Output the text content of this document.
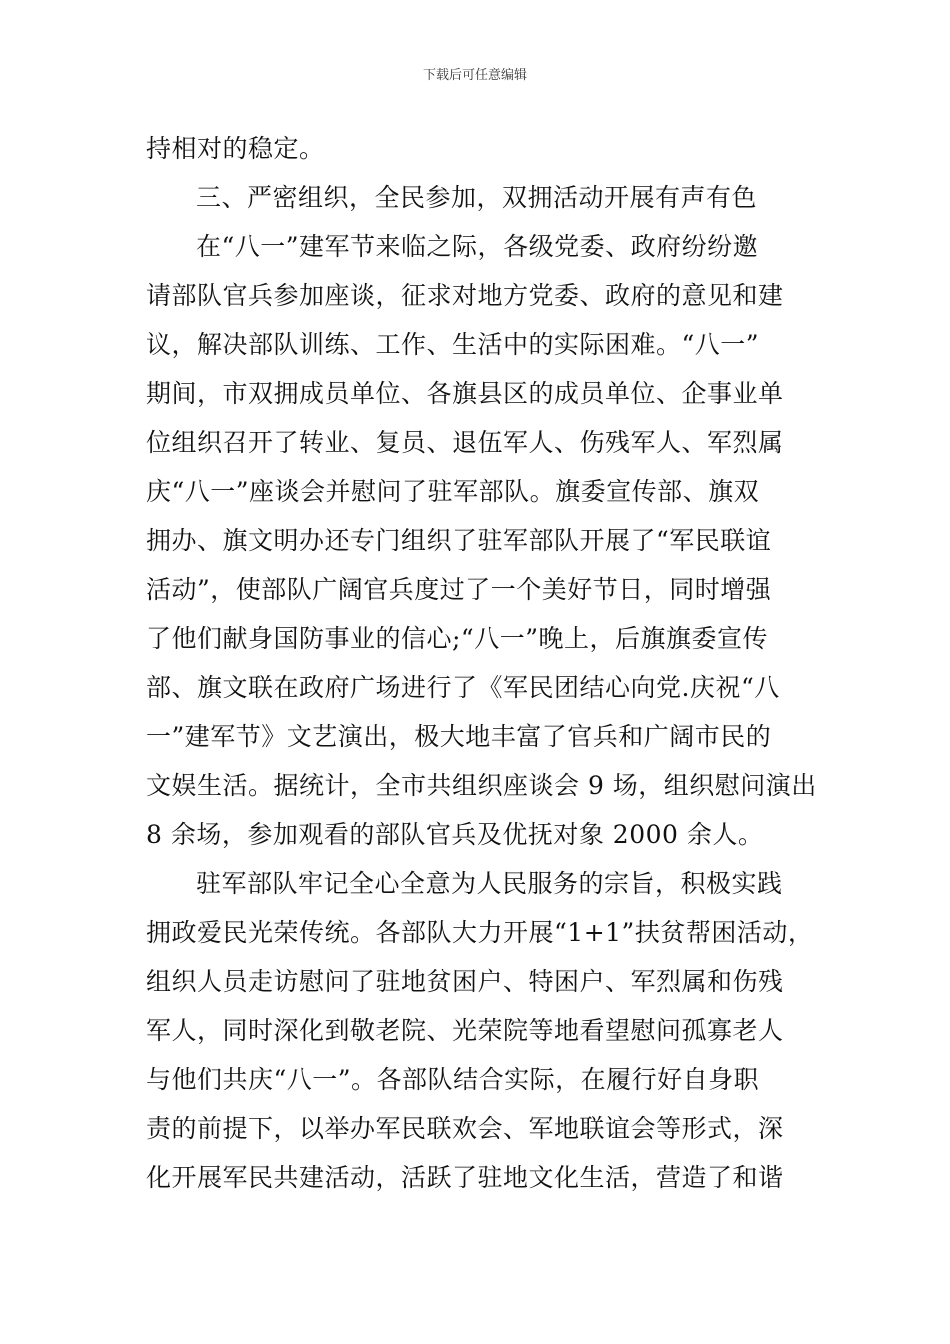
下载后可任意编辑
持相对的稳定。
三、严密组织，全民参加，双拥活动开展有声有色
在“八一”建军节来临之际，各级党委、政府纷纷邀
请部队官兵参加座谈，征求对地方党委、政府的意见和建
议，解决部队训练、工作、生活中的实际困难。“八一”
期间，市双拥成员单位、各旗县区的成员单位、企事业单
位组织召开了转业、复员、退伍军人、伤残军人、军烈属
庆“八一”座谈会并慰问了驻军部队。旗委宣传部、旗双
拥办、旗文明办还专门组织了驻军部队开展了“军民联谊
活动”，使部队广阔官兵度过了一个美好节日，同时增强
了他们献身国防事业的信心;“八一”晚上，后旗旗委宣传
部、旗文联在政府广场进行了《军民团结心向党.庆祝“八
一”建军节》文艺演出，极大地丰富了官兵和广阔市民的
文娱生活。据统计，全市共组织座谈会 9 场，组织慰问演出
8 余场，参加观看的部队官兵及优抚对象 2000 余人。
驻军部队牢记全心全意为人民服务的宗旨，积极实践
拥政爱民光荣传统。各部队大力开展“1+1”扶贫帮困活动，
组织人员走访慰问了驻地贫困户、特困户、军烈属和伤残
军人，同时深化到敬老院、光荣院等地看望慰问孤寡老人
与他们共庆“八一”。各部队结合实际，在履行好自身职
责的前提下，以举办军民联欢会、军地联谊会等形式，深
化开展军民共建活动，活跃了驻地文化生活，营造了和谐
